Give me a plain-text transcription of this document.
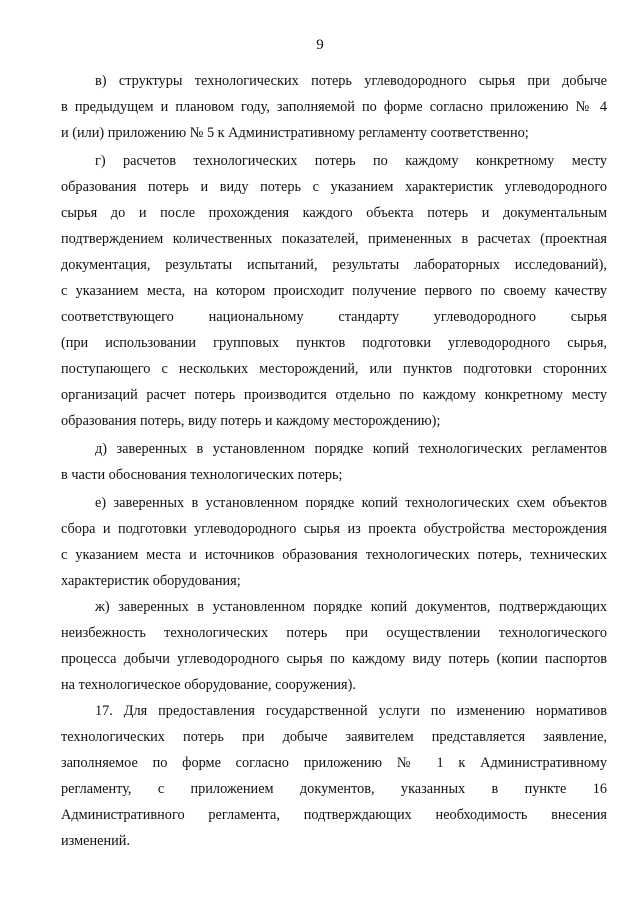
9
в) структуры технологических потерь углеводородного сырья при добыче
в предыдущем и плановом году, заполняемой по форме согласно приложению № 4
и (или) приложению № 5 к Административному регламенту соответственно;
г) расчетов технологических потерь по каждому конкретному месту
образования потерь и виду потерь с указанием характеристик углеводородного
сырья до и после прохождения каждого объекта потерь и документальным
подтверждением количественных показателей, примененных в расчетах (проектная
документация, результаты испытаний, результаты лабораторных исследований),
с указанием места, на котором происходит получение первого по своему качеству
соответствующего национальному стандарту углеводородного сырья
(при использовании групповых пунктов подготовки углеводородного сырья,
поступающего с нескольких месторождений, или пунктов подготовки сторонних
организаций расчет потерь производится отдельно по каждому конкретному месту
образования потерь, виду потерь и каждому месторождению);
д) заверенных в установленном порядке копий технологических регламентов
в части обоснования технологических потерь;
е) заверенных в установленном порядке копий технологических схем объектов
сбора и подготовки углеводородного сырья из проекта обустройства месторождения
с указанием места и источников образования технологических потерь, технических
характеристик оборудования;
ж) заверенных в установленном порядке копий документов, подтверждающих
неизбежность технологических потерь при осуществлении технологического
процесса добычи углеводородного сырья по каждому виду потерь (копии паспортов
на технологическое оборудование, сооружения).
17. Для предоставления государственной услуги по изменению нормативов
технологических потерь при добыче заявителем представляется заявление,
заполняемое по форме согласно приложению № 1 к Административному
регламенту, с приложением документов, указанных в пункте 16
Административного регламента, подтверждающих необходимость внесения
изменений.
